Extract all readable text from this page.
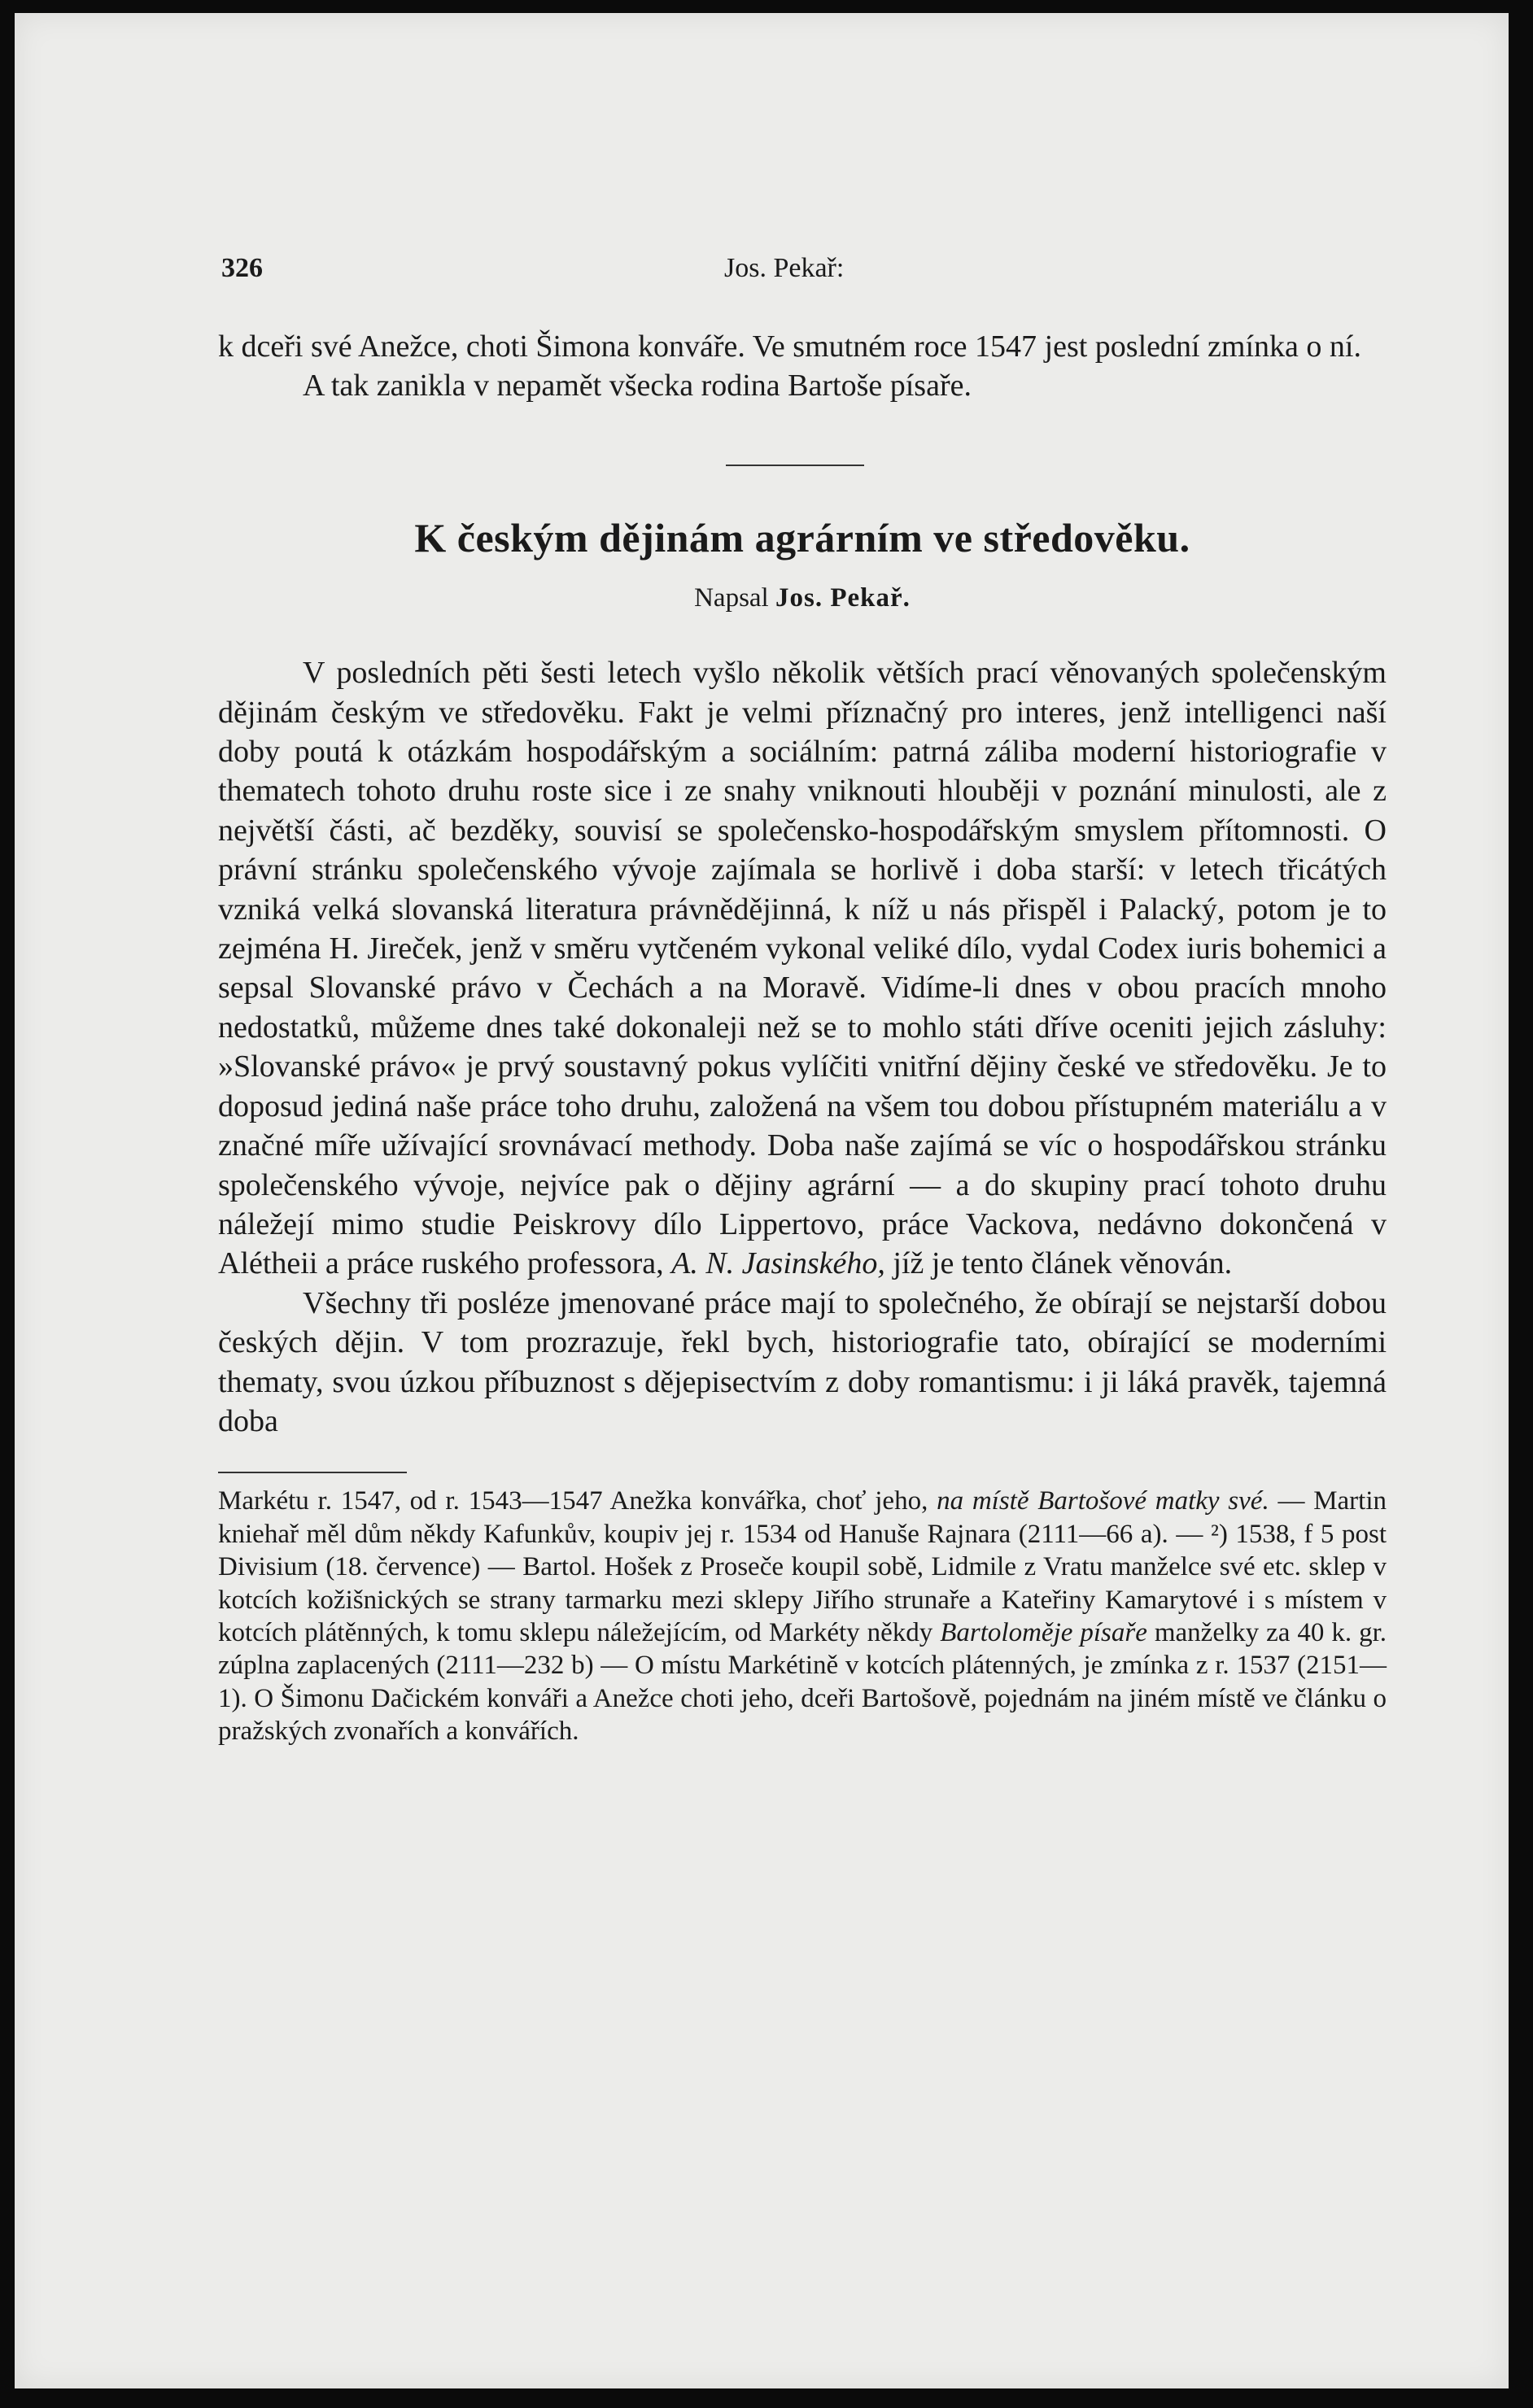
326	Jos. Pekař:

k dceři své Anežce, choti Šimona konváře. Ve smutném roce 1547 jest poslední zmínka o ní.

A tak zanikla v nepamět všecka rodina Bartoše písaře.

K českým dějinám agrárním ve středověku.
Napsal Jos. Pekař.

V posledních pěti šesti letech vyšlo několik větších prací věnovaných společenským dějinám českým ve středověku. Fakt je velmi příznačný pro interes, jenž intelligenci naší doby poutá k otázkám hospodářským a sociálním: patrná záliba moderní historiografie v thematech tohoto druhu roste sice i ze snahy vniknouti hlouběji v poznání minulosti, ale z největší části, ač bezděky, souvisí se společensko-hospodářským smyslem přítomnosti. O právní stránku společenského vývoje zajímala se horlivě i doba starší: v letech třicátých vzniká velká slovanská literatura právnědějinná, k níž u nás přispěl i Palacký, potom je to zejména H. Jireček, jenž v směru vytčeném vykonal veliké dílo, vydal Codex iuris bohemici a sepsal Slovanské právo v Čechách a na Moravě. Vidíme-li dnes v obou pracích mnoho nedostatků, můžeme dnes také dokonaleji než se to mohlo státi dříve oceniti jejich zásluhy: »Slovanské právo« je prvý soustavný pokus vylíčiti vnitřní dějiny české ve středověku. Je to doposud jediná naše práce toho druhu, založená na všem tou dobou přístupném materiálu a v značné míře užívající srovnávací methody. Doba naše zajímá se víc o hospodářskou stránku společenského vývoje, nejvíce pak o dějiny agrární — a do skupiny prací tohoto druhu náležejí mimo studie Peiskrovy dílo Lippertovo, práce Vackova, nedávno dokončená v Alétheii a práce ruského professora, A. N. Jasinského, jíž je tento článek věnován.

Všechny tři posléze jmenované práce mají to společného, že obírají se nejstarší dobou českých dějin. V tom prozrazuje, řekl bych, historiografie tato, obírající se moderními thematy, svou úzkou příbuznost s dějepisectvím z doby romantismu: i ji láká pravěk, tajemná doba

Markétu r. 1547, od r. 1543—1547 Anežka konvářka, choť jeho, na místě Bartošové matky své. — Martin kniehař měl dům někdy Kafunkův, koupiv jej r. 1534 od Hanuše Rajnara (2111—66 a). — ²) 1538, f 5 post Divisium (18. července) — Bartol. Hošek z Proseče koupil sobě, Lidmile z Vratu manželce své etc. sklep v kotcích kožišnických se strany tarmarku mezi sklepy Jiřího strunaře a Kateřiny Kamarytové i s místem v kotcích plátěnných, k tomu sklepu náležejícím, od Markéty někdy Bartoloměje písaře manželky za 40 k. gr. zúplna zaplacených (2111—232 b) — O místu Markétině v kotcích plátenných, je zmínka z r. 1537 (2151—1). O Šimonu Dačickém konváři a Anežce choti jeho, dceři Bartošově, pojednám na jiném místě ve článku o pražských zvonařích a konvářích.
